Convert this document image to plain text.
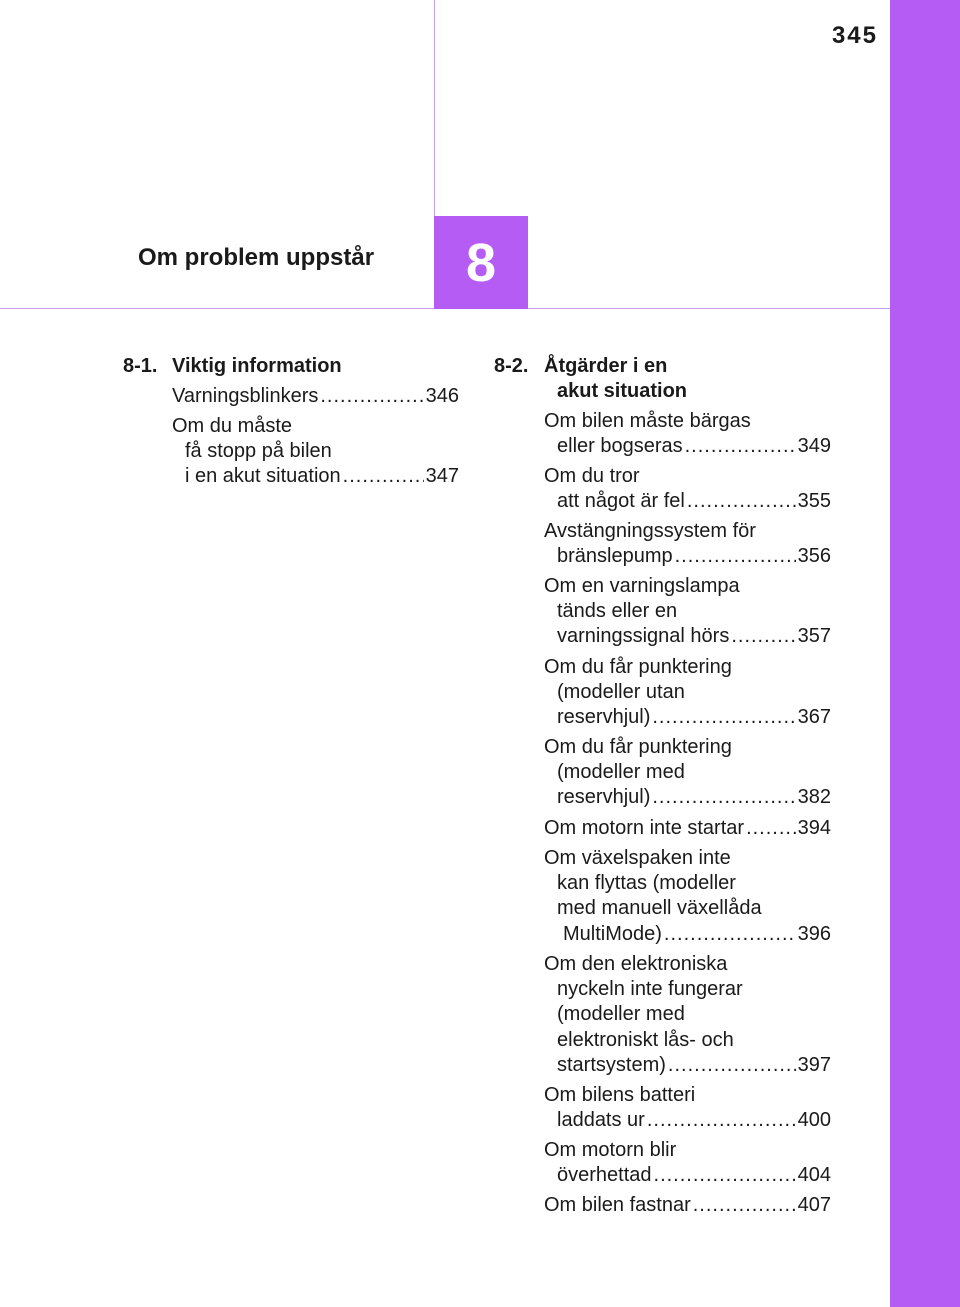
345
Om problem uppstår	8
8-1. Viktig information
Varningsblinkers .....	346
Om du måste
få stopp på bilen
i en akut situation .....	347
8-2. Åtgärder i en
akut situation
Om bilen måste bärgas
eller bogseras .....	349
Om du tror
att något är fel .....	355
Avstängningssystem för
bränslepump .....	356
Om en varningslampa
tänds eller en
varningssignal hörs .....	357
Om du får punktering
(modeller utan
reservhjul) .....	367
Om du får punktering
(modeller med
reservhjul) .....	382
Om motorn inte startar .....	394
Om växelspaken inte
kan flyttas (modeller
med manuell växellåda
MultiMode) .....	396
Om den elektroniska
nyckeln inte fungerar
(modeller med
elektroniskt lås- och
startsystem) .....	397
Om bilens batteri
laddats ur .....	400
Om motorn blir
överhettad .....	404
Om bilen fastnar .....	407
